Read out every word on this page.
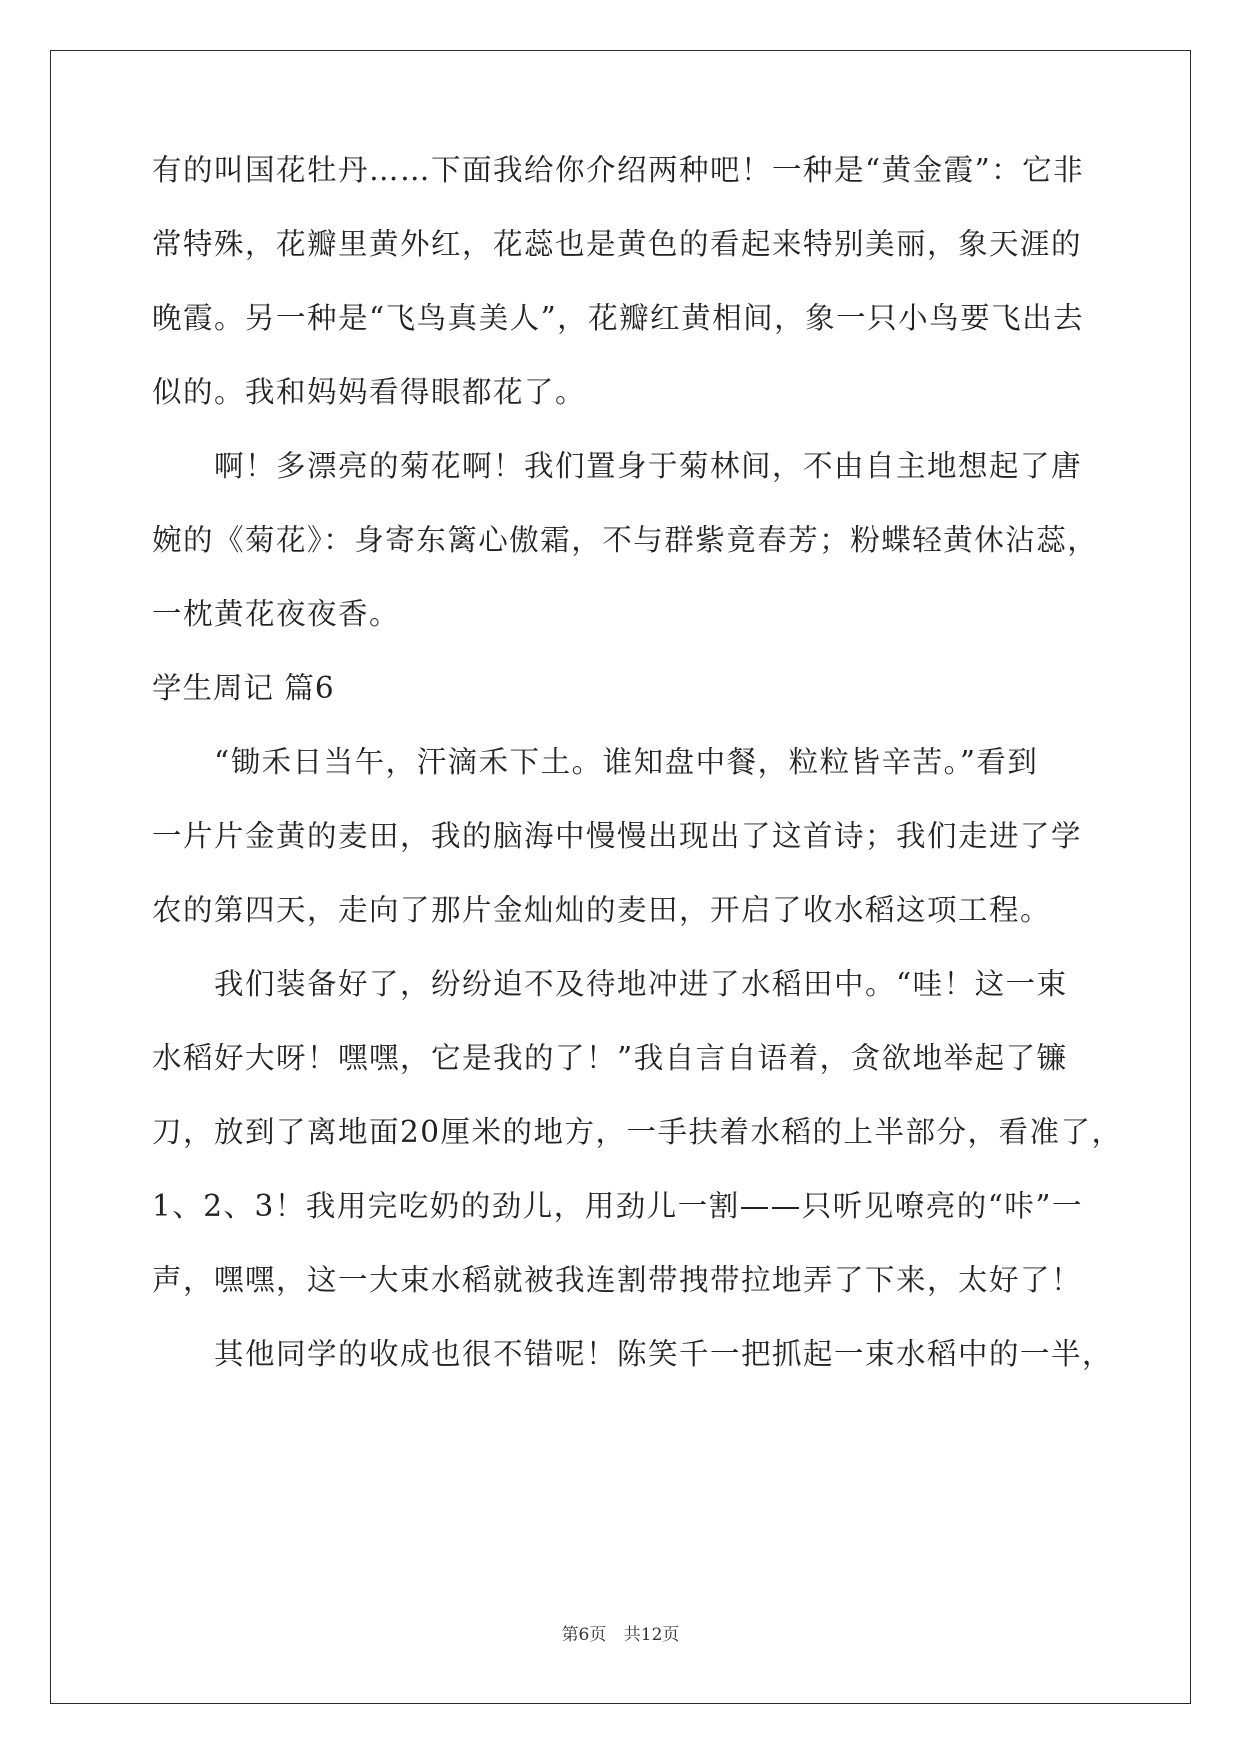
有的叫国花牡丹……下面我给你介绍两种吧！一种是“黄金霞”：它非
常特殊，花瓣里黄外红，花蕊也是黄色的看起来特别美丽，象天涯的
晚霞。另一种是“飞鸟真美人”，花瓣红黄相间，象一只小鸟要飞出去
似的。我和妈妈看得眼都花了。
　　啊！多漂亮的菊花啊！我们置身于菊林间，不由自主地想起了唐
婉的《菊花》：身寄东篱心傲霜，不与群紫竟春芳；粉蝶轻黄休沾蕊，
一枕黄花夜夜香。
学生周记 篇6
　　“锄禾日当午，汗滴禾下土。谁知盘中餐，粒粒皆辛苦。”看到
一片片金黄的麦田，我的脑海中慢慢出现出了这首诗；我们走进了学
农的第四天，走向了那片金灿灿的麦田，开启了收水稻这项工程。
　　我们装备好了，纷纷迫不及待地冲进了水稻田中。“哇！这一束
水稻好大呀！嘿嘿，它是我的了！”我自言自语着，贪欲地举起了镰
刀，放到了离地面20厘米的地方，一手扶着水稻的上半部分，看准了，
1、2、3！我用完吃奶的劲儿，用劲儿一割——只听见嘹亮的“咔”一
声，嘿嘿，这一大束水稻就被我连割带拽带拉地弄了下来，太好了！
　　其他同学的收成也很不错呢！陈笑千一把抓起一束水稻中的一半，
第6页 共12页
